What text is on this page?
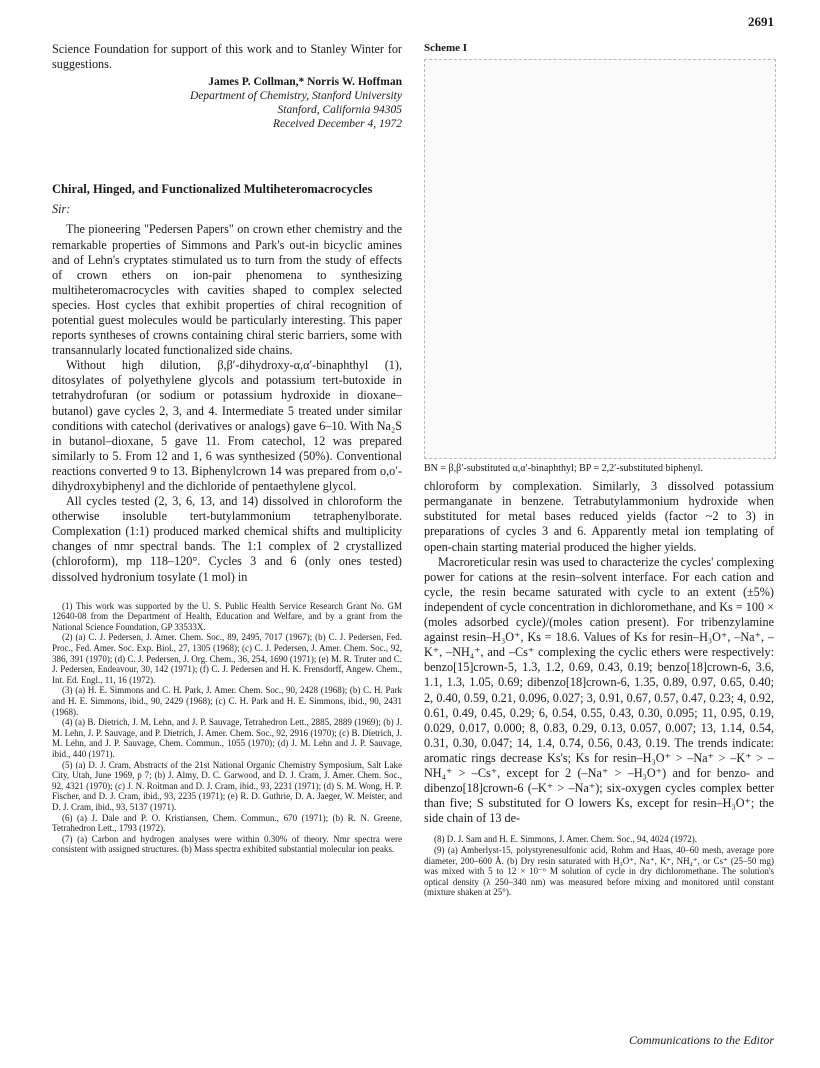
2691

Science Foundation for support of this work and to Stanley Winter for suggestions.

James P. Collman,* Norris W. Hoffman
Department of Chemistry, Stanford University
Stanford, California 94305
Received December 4, 1972
Chiral, Hinged, and Functionalized Multiheteromacrocycles
Sir:

The pioneering "Pedersen Papers" on crown ether chemistry and the remarkable properties of Simmons and Park's out-in bicyclic amines and of Lehn's cryptates stimulated us to turn from the study of effects of crown ethers on ion-pair phenomena to synthesizing multiheteromacrocycles with cavities shaped to complex selected species. Host cycles that exhibit properties of chiral recognition of potential guest molecules would be particularly interesting. This paper reports syntheses of crowns containing chiral steric barriers, some with transannularly located functionalized side chains.

Without high dilution, β,β′-dihydroxy-α,α′-binaphthyl (1), ditosylates of polyethylene glycols and potassium tert-butoxide in tetrahydrofuran (or sodium or potassium hydroxide in dioxane–butanol) gave cycles 2, 3, and 4. Intermediate 5 treated under similar conditions with catechol (derivatives or analogs) gave 6–10. With Na₂S in butanol–dioxane, 5 gave 11. From catechol, 12 was prepared similarly to 5. From 12 and 1, 6 was synthesized (50%). Conventional reactions converted 9 to 13. Biphenylcrown 14 was prepared from o,o′-dihydroxybiphenyl and the dichloride of pentaethylene glycol.

All cycles tested (2, 3, 6, 13, and 14) dissolved in chloroform the otherwise insoluble tert-butylammonium tetraphenylborate. Complexation (1:1) produced marked chemical shifts and multiplicity changes of nmr spectral bands. The 1:1 complex of 2 crystallized (chloroform), mp 118–120°. Cycles 3 and 6 (only ones tested) dissolved hydronium tosylate (1 mol) in

(1) This work was supported by the U. S. Public Health Service Research Grant No. GM 12640-08 from the Department of Health, Education and Welfare, and by a grant from the National Science Foundation, GP 33533X.

(2) (a) C. J. Pedersen, J. Amer. Chem. Soc., 89, 2495, 7017 (1967); (b) C. J. Pedersen, Fed. Proc., Fed. Amer. Soc. Exp. Biol., 27, 1305 (1968); (c) C. J. Pedersen, J. Amer. Chem. Soc., 92, 386, 391 (1970); (d) C. J. Pedersen, J. Org. Chem., 36, 254, 1690 (1971); (e) M. R. Truter and C. J. Pedersen, Endeavour, 30, 142 (1971); (f) C. J. Pedersen and H. K. Frensdorff, Angew. Chem., Int. Ed. Engl., 11, 16 (1972).

(3) (a) H. E. Simmons and C. H. Park, J. Amer. Chem. Soc., 90, 2428 (1968); (b) C. H. Park and H. E. Simmons, ibid., 90, 2429 (1968); (c) C. H. Park and H. E. Simmons, ibid., 90, 2431 (1968).

(4) (a) B. Dietrich, J. M. Lehn, and J. P. Sauvage, Tetrahedron Lett., 2885, 2889 (1969); (b) J. M. Lehn, J. P. Sauvage, and P. Dietrich, J. Amer. Chem. Soc., 92, 2916 (1970); (c) B. Dietrich, J. M. Lehn, and J. P. Sauvage, Chem. Commun., 1055 (1970); (d) J. M. Lehn and J. P. Sauvage, ibid., 440 (1971).

(5) (a) D. J. Cram, Abstracts of the 21st National Organic Chemistry Symposium, Salt Lake City, Utah, June 1969, p 7; (b) J. Almy, D. C. Garwood, and D. J. Cram, J. Amer. Chem. Soc., 92, 4321 (1970); (c) J. N. Roitman and D. J. Cram, ibid., 93, 2231 (1971); (d) S. M. Wong, H. P. Fischer, and D. J. Cram, ibid., 93, 2235 (1971); (e) R. D. Guthrie, D. A. Jaeger, W. Meister, and D. J. Cram, ibid., 93, 5137 (1971).

(6) (a) J. Dale and P. O. Kristiansen, Chem. Commun., 670 (1971); (b) R. N. Greene, Tetrahedron Lett., 1793 (1972).

(7) (a) Carbon and hydrogen analyses were within 0.30% of theory. Nmr spectra were consistent with assigned structures. (b) Mass spectra exhibited substantial molecular ion peaks.

Scheme I
BN = β,β′-substituted α,α′-binaphthyl; BP = 2,2′-substituted biphenyl.

chloroform by complexation. Similarly, 3 dissolved potassium permanganate in benzene. Tetrabutylammonium hydroxide when substituted for metal bases reduced yields (factor ~2 to 3) in preparations of cycles 3 and 6. Apparently metal ion templating of open-chain starting material produced the higher yields.

Macroreticular resin was used to characterize the cycles' complexing power for cations at the resin–solvent interface. For each cation and cycle, the resin became saturated with cycle to an extent (±5%) independent of cycle concentration in dichloromethane, and Ks = 100 × (moles adsorbed cycle)/(moles cation present). For tribenzylamine against resin–H₃O⁺, Ks = 18.6. Values of Ks for resin–H₃O⁺, –Na⁺, –K⁺, –NH₄⁺, and –Cs⁺ complexing the cyclic ethers were respectively: benzo[15]crown-5, 1.3, 1.2, 0.69, 0.43, 0.19; benzo[18]crown-6, 3.6, 1.1, 1.3, 1.05, 0.69; dibenzo[18]crown-6, 1.35, 0.89, 0.97, 0.65, 0.40; 2, 0.40, 0.59, 0.21, 0.096, 0.027; 3, 0.91, 0.67, 0.57, 0.47, 0.23; 4, 0.92, 0.61, 0.49, 0.45, 0.29; 6, 0.54, 0.55, 0.43, 0.30, 0.095; 11, 0.95, 0.19, 0.029, 0.017, 0.000; 8, 0.83, 0.29, 0.13, 0.057, 0.007; 13, 1.14, 0.54, 0.31, 0.30, 0.047; 14, 1.4, 0.74, 0.56, 0.43, 0.19. The trends indicate: aromatic rings decrease Ks's; Ks for resin–H₃O⁺ > –Na⁺ > –K⁺ > –NH₄⁺ > –Cs⁺, except for 2 (–Na⁺ > –H₃O⁺) and for benzo- and dibenzo[18]crown-6 (–K⁺ > –Na⁺); six-oxygen cycles complex better than five; S substituted for O lowers Ks, except for resin–H₃O⁺; the side chain of 13 de-

(8) D. J. Sam and H. E. Simmons, J. Amer. Chem. Soc., 94, 4024 (1972).

(9) (a) Amberlyst-15, polystyrenesulfonic acid, Rohm and Haas, 40–60 mesh, average pore diameter, 200–600 Å. (b) Dry resin saturated with H₃O⁺, Na⁺, K⁺, NH₄⁺, or Cs⁺ (25–50 mg) was mixed with 5 to 12 × 10⁻⁶ M solution of cycle in dry dichloromethane. The solution's optical density (λ 250–340 nm) was measured before mixing and monitored until constant (mixture shaken at 25°).

Communications to the Editor
